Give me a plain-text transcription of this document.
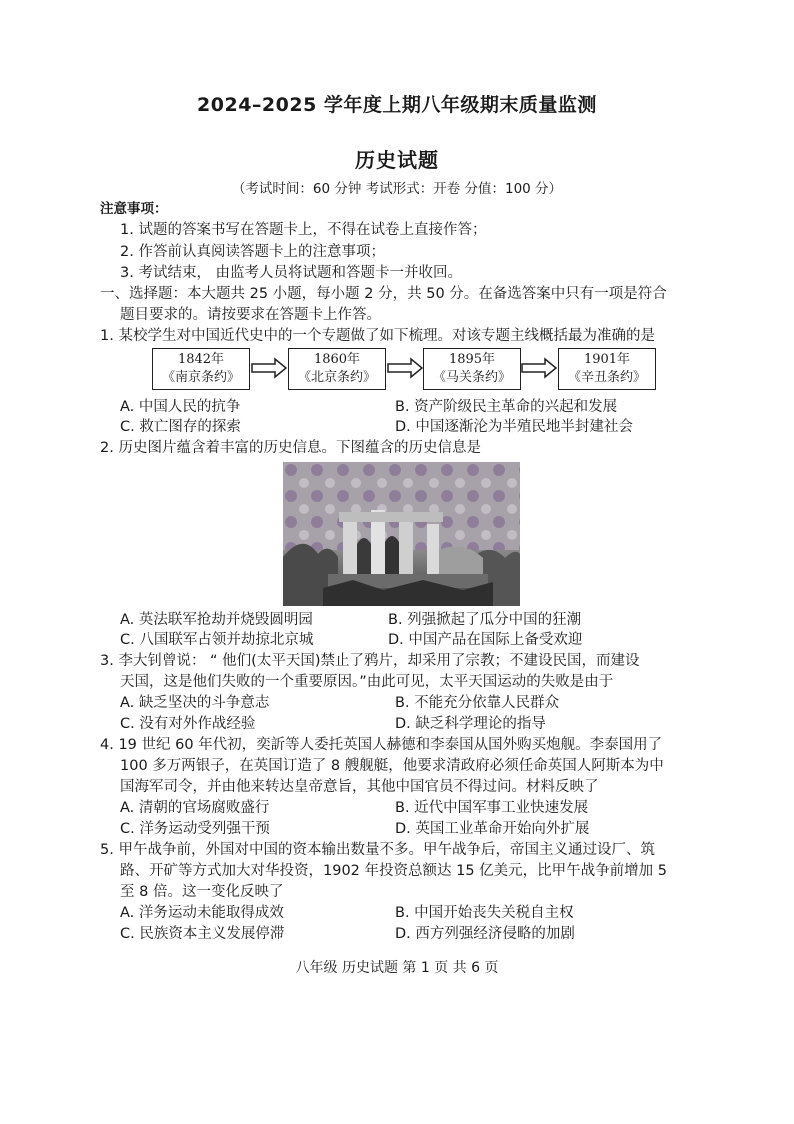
2024–2025 学年度上期八年级期末质量监测
历史试题
（考试时间：60 分钟 考试形式：开卷 分值：100 分）
注意事项：
1. 试题的答案书写在答题卡上，不得在试卷上直接作答；
2. 作答前认真阅读答题卡上的注意事项；
3. 考试结束， 由监考人员将试题和答题卡一并收回。
一、选择题：本大题共 25 小题，每小题 2 分，共 50 分。在备选答案中只有一项是符合
题目要求的。请按要求在答题卡上作答。
1. 某校学生对中国近代史中的一个专题做了如下梳理。对该专题主线概括最为准确的是
1842年
《南京条约》
1860年
《北京条约》
1895年
《马关条约》
1901年
《辛丑条约》
A. 中国人民的抗争	B. 资产阶级民主革命的兴起和发展
C. 救亡图存的探索	D. 中国逐渐沦为半殖民地半封建社会
2. 历史图片蕴含着丰富的历史信息。下图蕴含的历史信息是
A. 英法联军抢劫并烧毁圆明园	B. 列强掀起了瓜分中国的狂潮
C. 八国联军占领并劫掠北京城	D. 中国产品在国际上备受欢迎
3. 李大钊曾说： “ 他们(太平天国)禁止了鸦片，却采用了宗教；不建设民国，而建设
天国，这是他们失败的一个重要原因。”由此可见，太平天国运动的失败是由于
A. 缺乏坚决的斗争意志	B. 不能充分依靠人民群众
C. 没有对外作战经验	D. 缺乏科学理论的指导
4. 19 世纪 60 年代初，奕訢等人委托英国人赫德和李泰国从国外购买炮舰。李泰国用了
100 多万两银子，在英国订造了 8 艘舰艇，他要求清政府必须任命英国人阿斯本为中
国海军司令，并由他来转达皇帝意旨，其他中国官员不得过问。材料反映了
A. 清朝的官场腐败盛行	B. 近代中国军事工业快速发展
C. 洋务运动受列强干预	D. 英国工业革命开始向外扩展
5. 甲午战争前，外国对中国的资本输出数量不多。甲午战争后，帝国主义通过设厂、筑
路、开矿等方式加大对华投资，1902 年投资总额达 15 亿美元，比甲午战争前增加 5
至 8 倍。这一变化反映了
A. 洋务运动未能取得成效	B. 中国开始丧失关税自主权
C. 民族资本主义发展停滞	D. 西方列强经济侵略的加剧
八年级 历史试题 第 1 页 共 6 页
